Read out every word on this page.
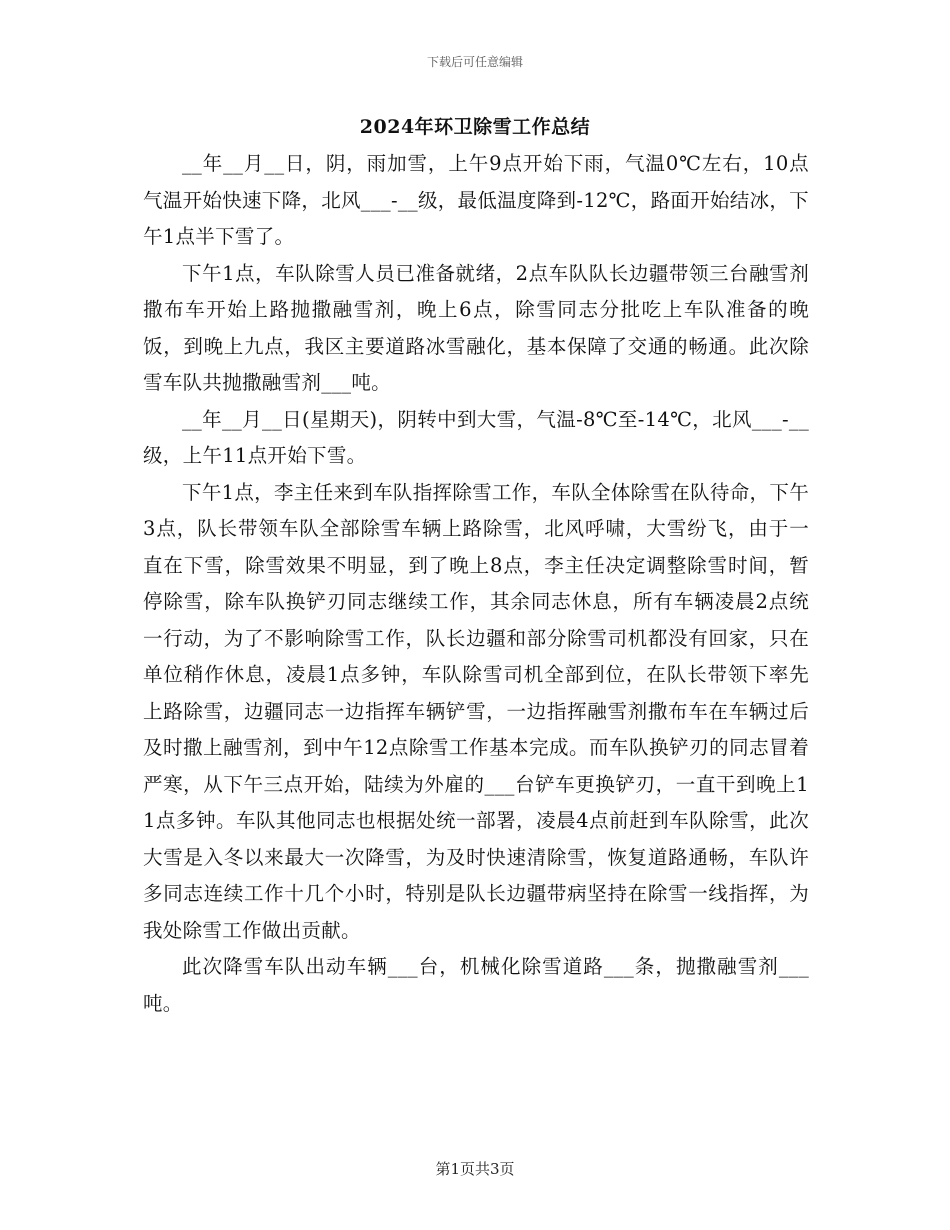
下载后可任意编辑
2024年环卫除雪工作总结

__年__月__日，阴，雨加雪，上午9点开始下雨，气温0℃左右，10点气温开始快速下降，北风___-__级，最低温度降到-12℃，路面开始结冰，下午1点半下雪了。

下午1点，车队除雪人员已准备就绪，2点车队队长边疆带领三台融雪剂撒布车开始上路抛撒融雪剂，晚上6点，除雪同志分批吃上车队准备的晚饭，到晚上九点，我区主要道路冰雪融化，基本保障了交通的畅通。此次除雪车队共抛撒融雪剂___吨。

__年__月__日(星期天)，阴转中到大雪，气温-8℃至-14℃，北风___-__级，上午11点开始下雪。

下午1点，李主任来到车队指挥除雪工作，车队全体除雪在队待命，下午3点，队长带领车队全部除雪车辆上路除雪，北风呼啸，大雪纷飞，由于一直在下雪，除雪效果不明显，到了晚上8点，李主任决定调整除雪时间，暂停除雪，除车队换铲刃同志继续工作，其余同志休息，所有车辆凌晨2点统一行动，为了不影响除雪工作，队长边疆和部分除雪司机都没有回家，只在单位稍作休息，凌晨1点多钟，车队除雪司机全部到位，在队长带领下率先上路除雪，边疆同志一边指挥车辆铲雪，一边指挥融雪剂撒布车在车辆过后及时撒上融雪剂，到中午12点除雪工作基本完成。而车队换铲刃的同志冒着严寒，从下午三点开始，陆续为外雇的___台铲车更换铲刃，一直干到晚上11点多钟。车队其他同志也根据处统一部署，凌晨4点前赶到车队除雪，此次大雪是入冬以来最大一次降雪，为及时快速清除雪，恢复道路通畅，车队许多同志连续工作十几个小时，特别是队长边疆带病坚持在除雪一线指挥，为我处除雪工作做出贡献。

此次降雪车队出动车辆___台，机械化除雪道路___条，抛撒融雪剂___吨。

第1页共3页
